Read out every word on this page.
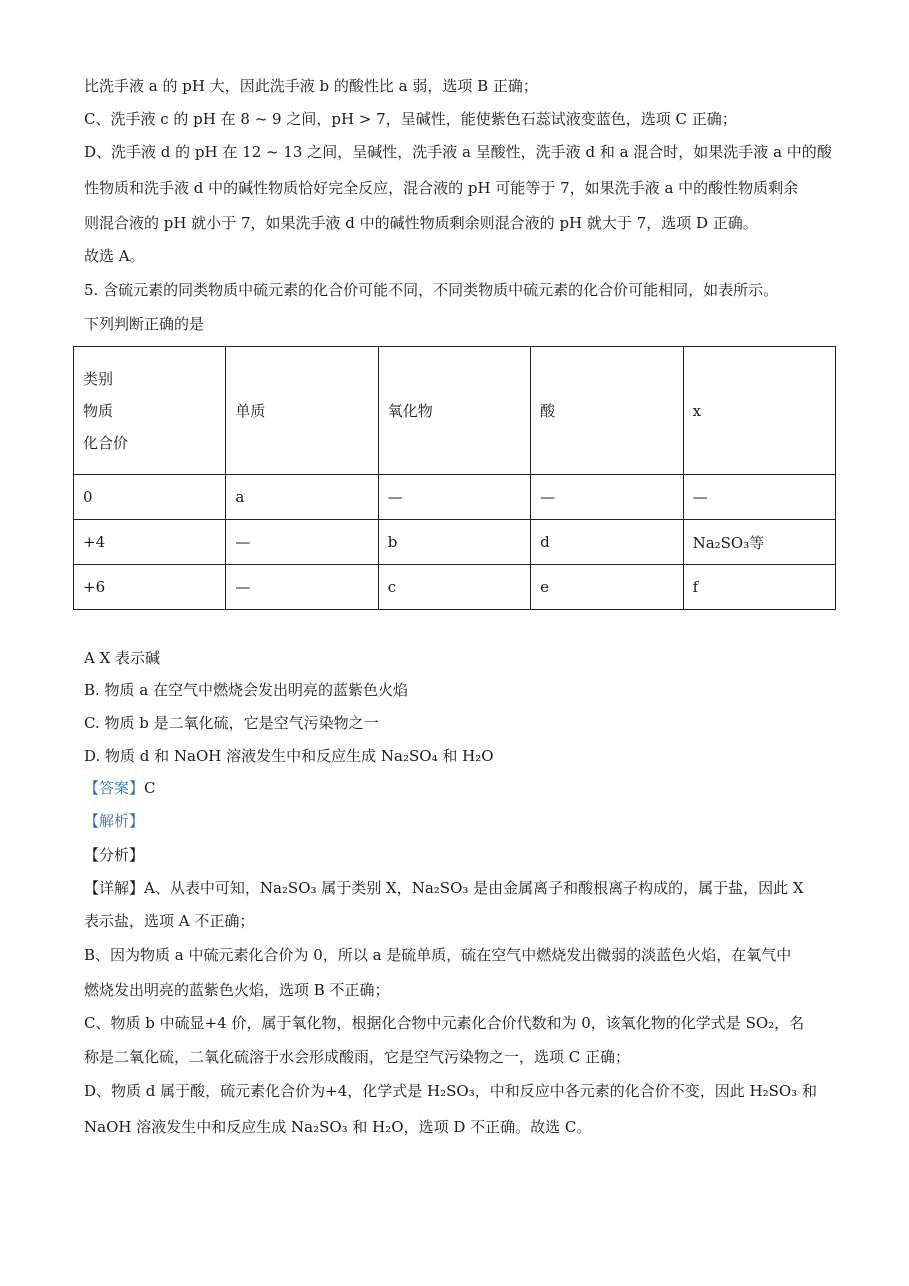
比洗手液 a 的 pH 大，因此洗手液 b 的酸性比 a 弱，选项 B 正确；
C、洗手液 c 的 pH 在 8 ~ 9 之间，pH > 7，呈碱性，能使紫色石蕊试液变蓝色，选项 C 正确；
D、洗手液 d 的 pH 在 12 ~ 13 之间，呈碱性，洗手液 a 呈酸性，洗手液 d 和 a 混合时，如果洗手液 a 中的酸
性物质和洗手液 d 中的碱性物质恰好完全反应，混合液的 pH 可能等于 7，如果洗手液 a 中的酸性物质剩余
则混合液的 pH 就小于 7，如果洗手液 d 中的碱性物质剩余则混合液的 pH 就大于 7，选项 D 正确。
故选 A。
5. 含硫元素的同类物质中硫元素的化合价可能不同，不同类物质中硫元素的化合价可能相同，如表所示。
下列判断正确的是
类别
物质
化合价	单质	氧化物	酸	x
0	a	—	—	—
+4	—	b	d	Na₂SO₃等
+6	—	c	e	f
A X 表示碱
B. 物质 a 在空气中燃烧会发出明亮的蓝紫色火焰
C. 物质 b 是二氧化硫，它是空气污染物之一
D. 物质 d 和 NaOH 溶液发生中和反应生成 Na₂SO₄ 和 H₂O
【答案】C
【解析】
【分析】
【详解】A、从表中可知，Na₂SO₃ 属于类别 X，Na₂SO₃ 是由金属离子和酸根离子构成的，属于盐，因此 X
表示盐，选项 A 不正确；
B、因为物质 a 中硫元素化合价为 0，所以 a 是硫单质，硫在空气中燃烧发出微弱的淡蓝色火焰，在氧气中
燃烧发出明亮的蓝紫色火焰，选项 B 不正确；
C、物质 b 中硫显+4 价，属于氧化物，根据化合物中元素化合价代数和为 0，该氧化物的化学式是 SO₂，名
称是二氧化硫，二氧化硫溶于水会形成酸雨，它是空气污染物之一，选项 C 正确；
D、物质 d 属于酸，硫元素化合价为+4，化学式是 H₂SO₃，中和反应中各元素的化合价不变，因此 H₂SO₃ 和
NaOH 溶液发生中和反应生成 Na₂SO₃ 和 H₂O，选项 D 不正确。故选 C。
